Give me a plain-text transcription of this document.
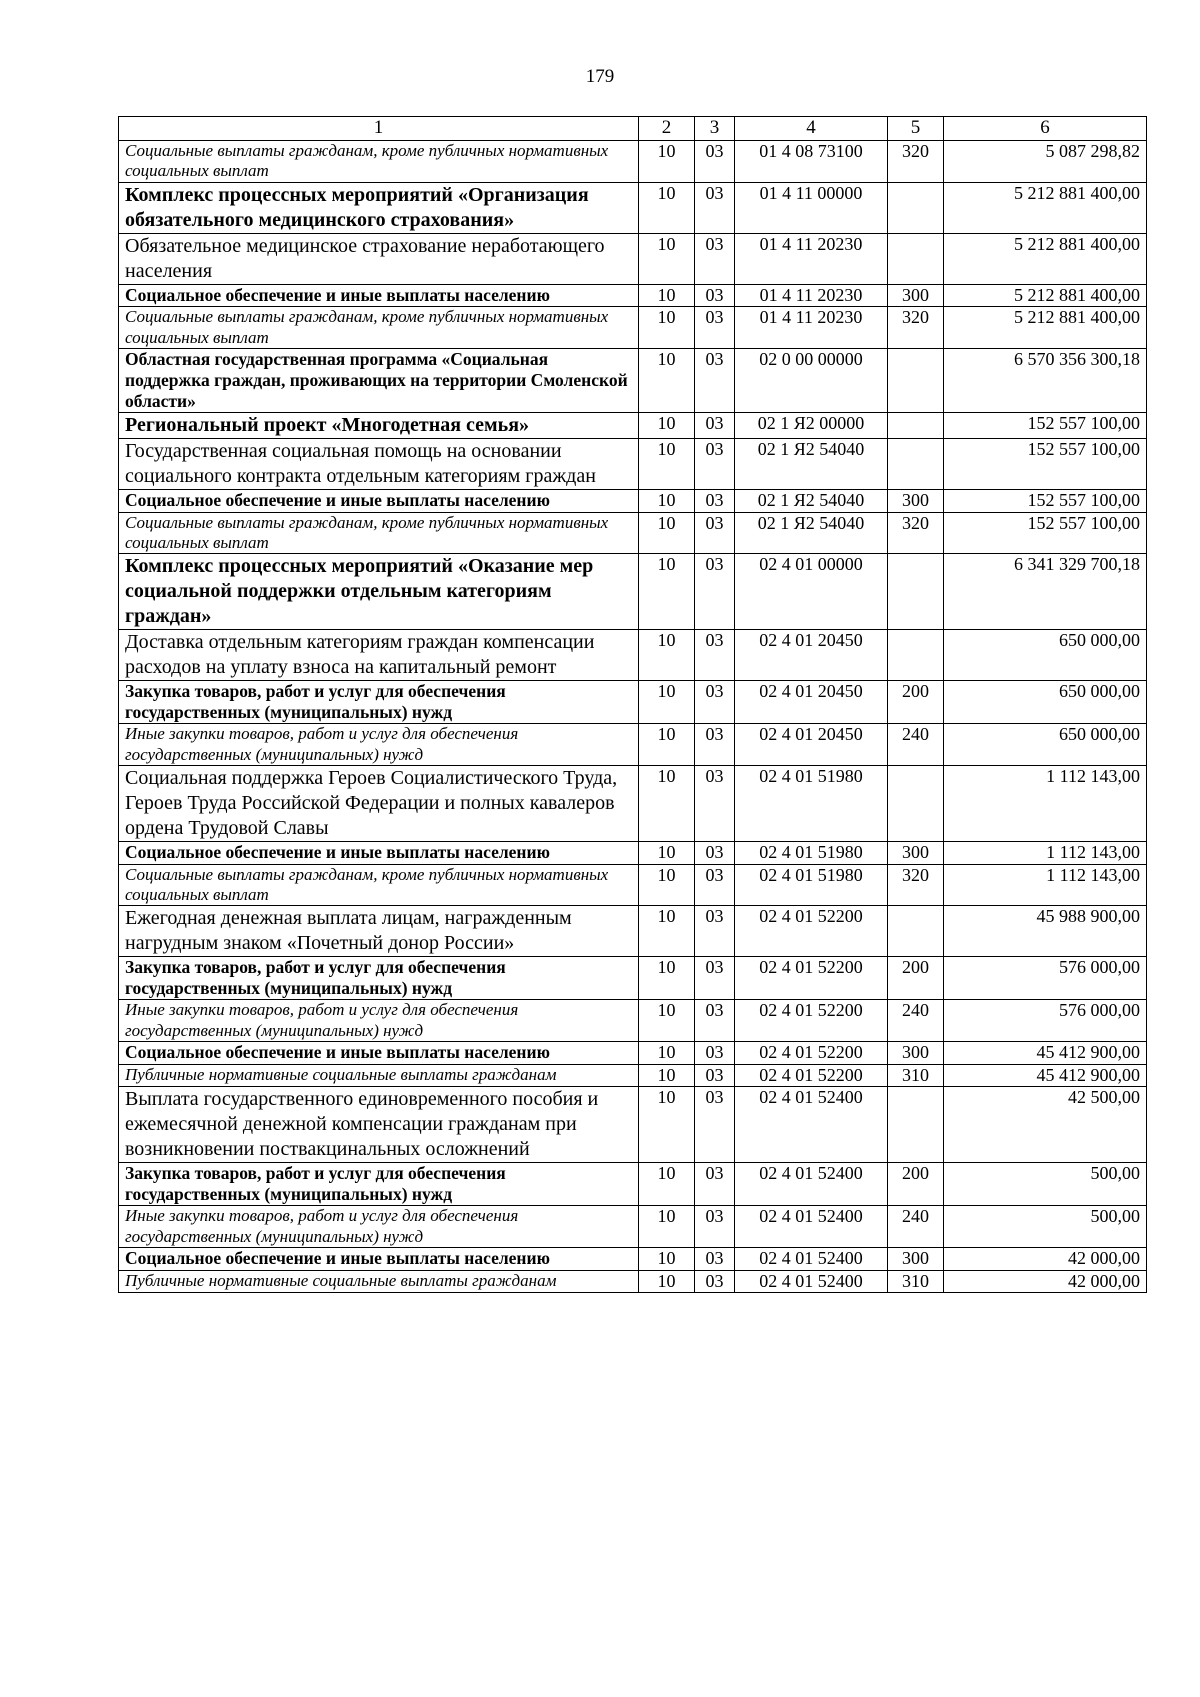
179
1	2	3	4	5	6
Социальные выплаты гражданам, кроме публичных нормативных социальных выплат	10	03	01 4 08 73100	320	5 087 298,82
Комплекс процессных мероприятий «Организация обязательного медицинского страхования»	10	03	01 4 11 00000		5 212 881 400,00
Обязательное медицинское страхование неработающего населения	10	03	01 4 11 20230		5 212 881 400,00
Социальное обеспечение и иные выплаты населению	10	03	01 4 11 20230	300	5 212 881 400,00
Социальные выплаты гражданам, кроме публичных нормативных социальных выплат	10	03	01 4 11 20230	320	5 212 881 400,00
Областная государственная программа «Социальная поддержка граждан, проживающих на территории Смоленской области»	10	03	02 0 00 00000		6 570 356 300,18
Региональный проект «Многодетная семья»	10	03	02 1 Я2 00000		152 557 100,00
Государственная социальная помощь на основании социального контракта отдельным категориям граждан	10	03	02 1 Я2 54040		152 557 100,00
Социальное обеспечение и иные выплаты населению	10	03	02 1 Я2 54040	300	152 557 100,00
Социальные выплаты гражданам, кроме публичных нормативных социальных выплат	10	03	02 1 Я2 54040	320	152 557 100,00
Комплекс процессных мероприятий «Оказание мер социальной поддержки отдельным категориям граждан»	10	03	02 4 01 00000		6 341 329 700,18
Доставка отдельным категориям граждан компенсации расходов на уплату взноса на капитальный ремонт	10	03	02 4 01 20450		650 000,00
Закупка товаров, работ и услуг для обеспечения государственных (муниципальных) нужд	10	03	02 4 01 20450	200	650 000,00
Иные закупки товаров, работ и услуг для обеспечения государственных (муниципальных) нужд	10	03	02 4 01 20450	240	650 000,00
Социальная поддержка Героев Социалистического Труда, Героев Труда Российской Федерации и полных кавалеров ордена Трудовой Славы	10	03	02 4 01 51980		1 112 143,00
Социальное обеспечение и иные выплаты населению	10	03	02 4 01 51980	300	1 112 143,00
Социальные выплаты гражданам, кроме публичных нормативных социальных выплат	10	03	02 4 01 51980	320	1 112 143,00
Ежегодная денежная выплата лицам, награжденным нагрудным знаком «Почетный донор России»	10	03	02 4 01 52200		45 988 900,00
Закупка товаров, работ и услуг для обеспечения государственных (муниципальных) нужд	10	03	02 4 01 52200	200	576 000,00
Иные закупки товаров, работ и услуг для обеспечения государственных (муниципальных) нужд	10	03	02 4 01 52200	240	576 000,00
Социальное обеспечение и иные выплаты населению	10	03	02 4 01 52200	300	45 412 900,00
Публичные нормативные социальные выплаты гражданам	10	03	02 4 01 52200	310	45 412 900,00
Выплата государственного единовременного пособия и ежемесячной денежной компенсации гражданам при возникновении поствакцинальных осложнений	10	03	02 4 01 52400		42 500,00
Закупка товаров, работ и услуг для обеспечения государственных (муниципальных) нужд	10	03	02 4 01 52400	200	500,00
Иные закупки товаров, работ и услуг для обеспечения государственных (муниципальных) нужд	10	03	02 4 01 52400	240	500,00
Социальное обеспечение и иные выплаты населению	10	03	02 4 01 52400	300	42 000,00
Публичные нормативные социальные выплаты гражданам	10	03	02 4 01 52400	310	42 000,00
